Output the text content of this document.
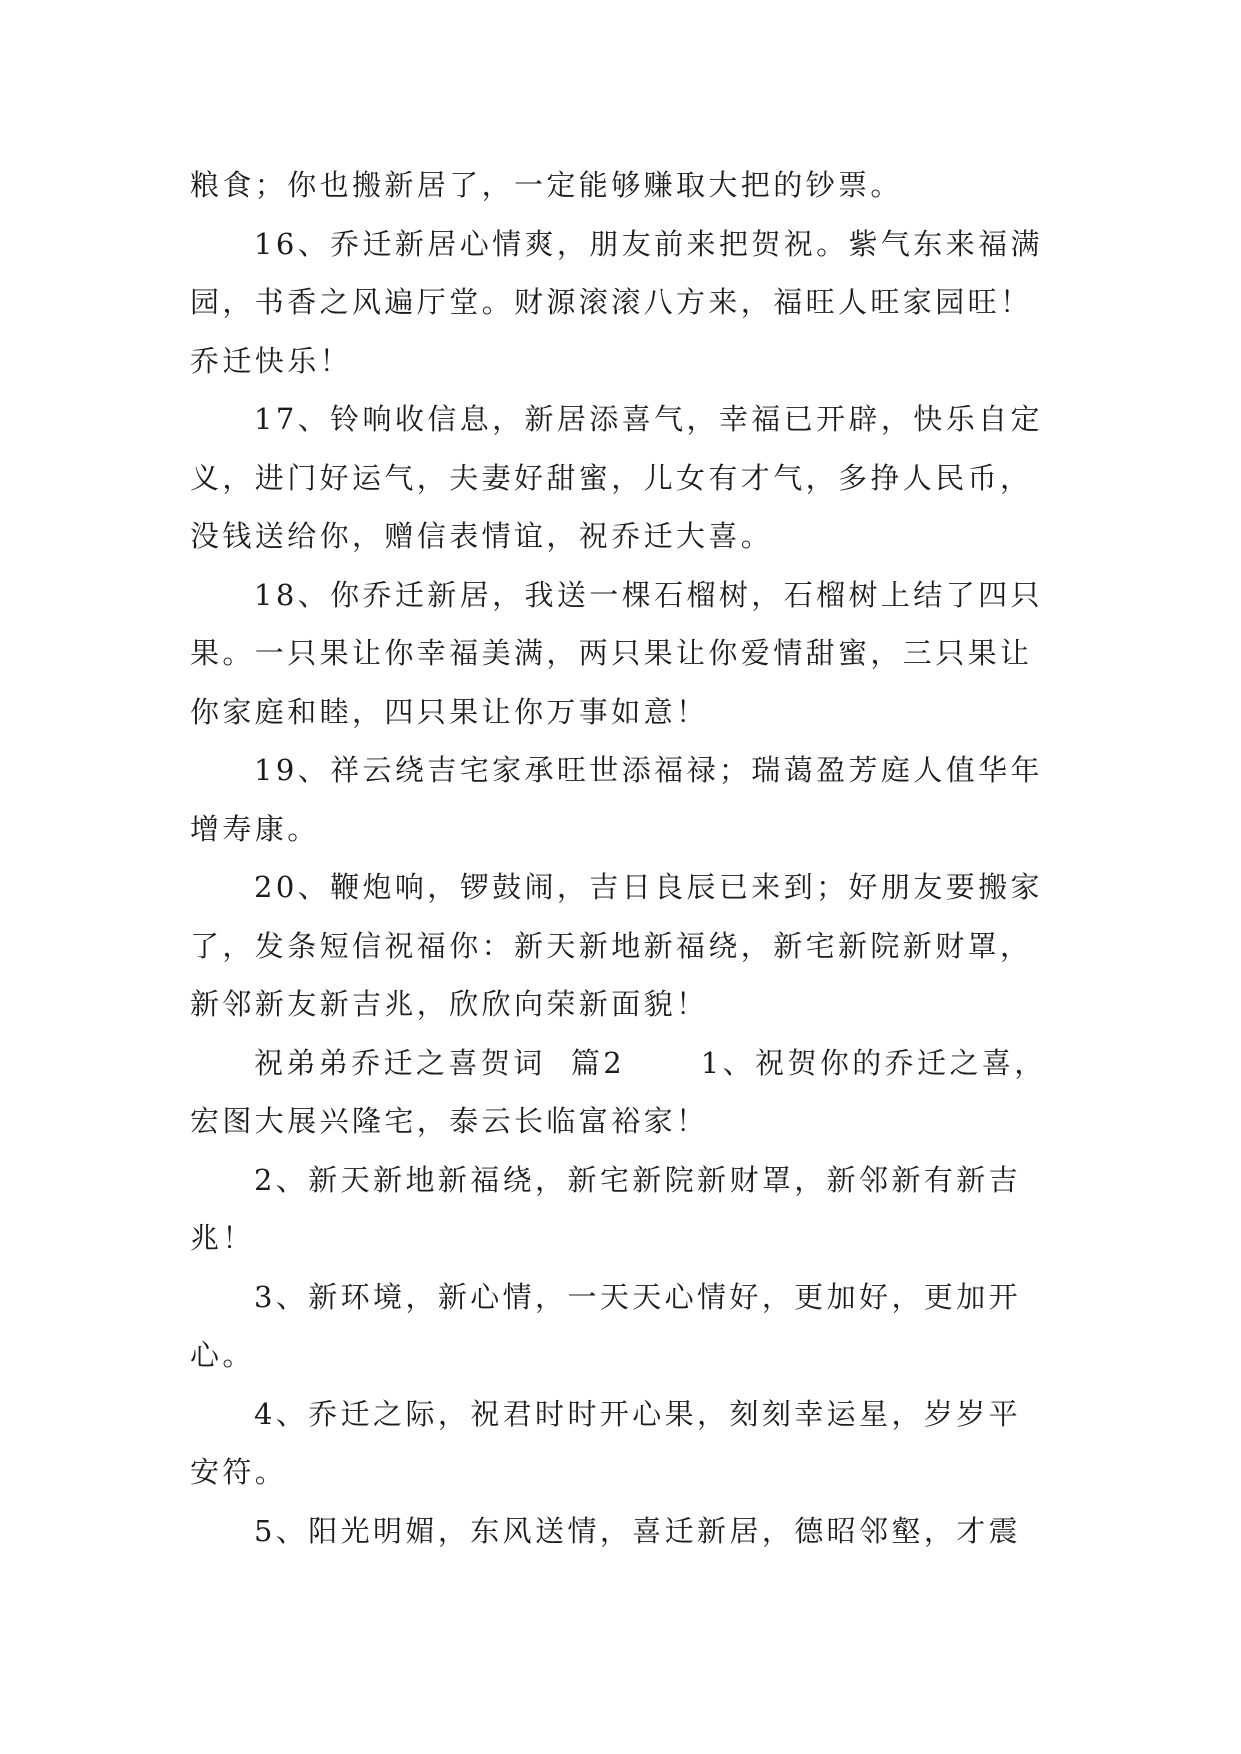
粮食；你也搬新居了，一定能够赚取大把的钞票。
16、乔迁新居心情爽，朋友前来把贺祝。紫气东来福满
园，书香之风遍厅堂。财源滚滚八方来，福旺人旺家园旺！
乔迁快乐！
17、铃响收信息，新居添喜气，幸福已开辟，快乐自定
义，进门好运气，夫妻好甜蜜，儿女有才气，多挣人民币，
没钱送给你，赠信表情谊，祝乔迁大喜。
18、你乔迁新居，我送一棵石榴树，石榴树上结了四只
果。一只果让你幸福美满，两只果让你爱情甜蜜，三只果让
你家庭和睦，四只果让你万事如意！
19、祥云绕吉宅家承旺世添福禄；瑞蔼盈芳庭人值华年
增寿康。
20、鞭炮响，锣鼓闹，吉日良辰已来到；好朋友要搬家
了，发条短信祝福你：新天新地新福绕，新宅新院新财罩，
新邻新友新吉兆，欣欣向荣新面貌！
祝弟弟乔迁之喜贺词  篇2      1、祝贺你的乔迁之喜，
宏图大展兴隆宅，泰云长临富裕家！
2、新天新地新福绕，新宅新院新财罩，新邻新有新吉
兆！
3、新环境，新心情，一天天心情好，更加好，更加开
心。
4、乔迁之际，祝君时时开心果，刻刻幸运星，岁岁平
安符。
5、阳光明媚，东风送情，喜迁新居，德昭邻壑，才震
